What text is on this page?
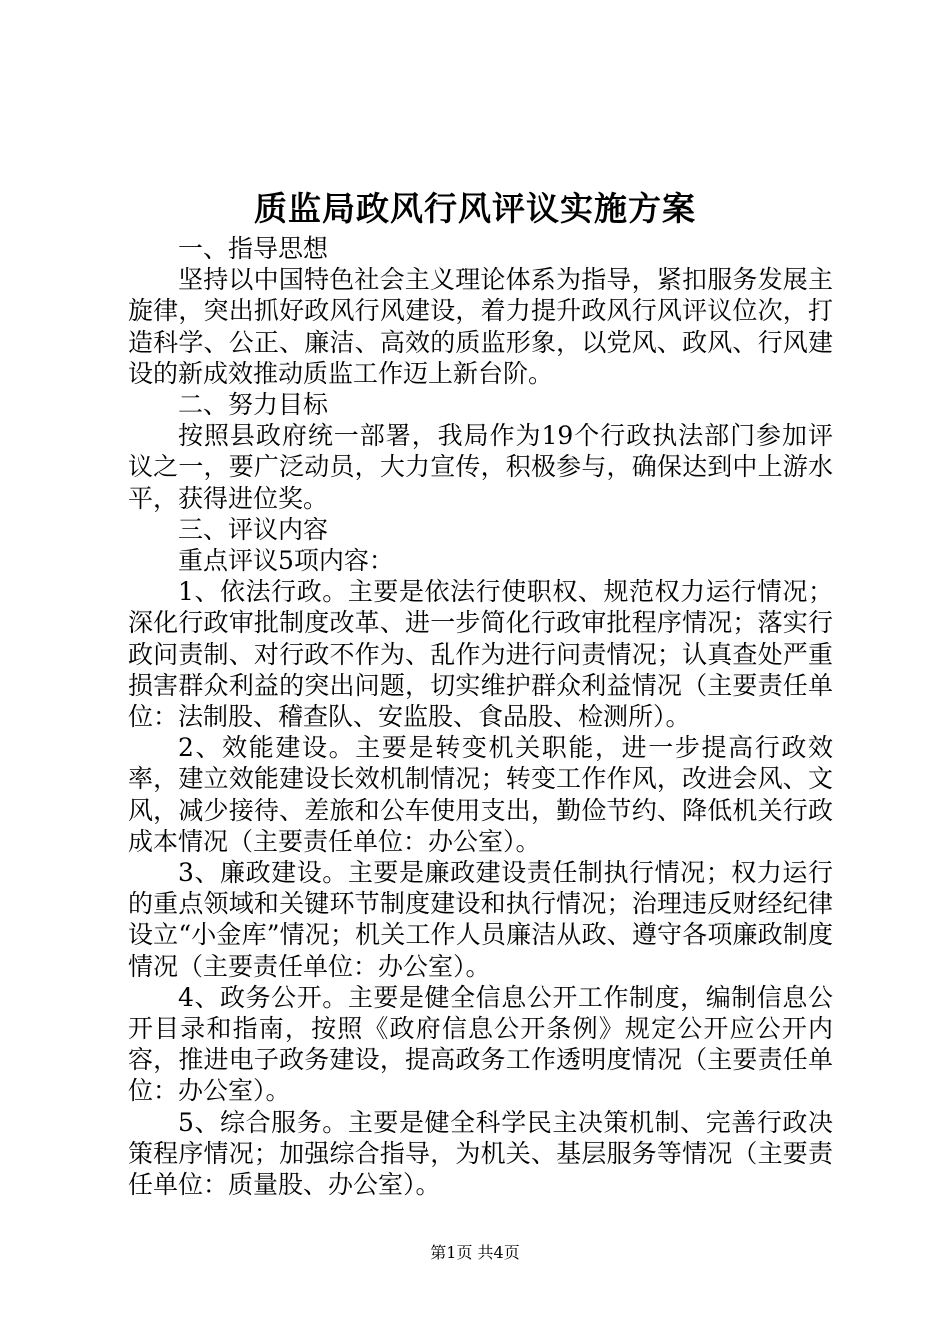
质监局政风行风评议实施方案

一、指导思想

坚持以中国特色社会主义理论体系为指导，紧扣服务发展主旋律，突出抓好政风行风建设，着力提升政风行风评议位次，打造科学、公正、廉洁、高效的质监形象，以党风、政风、行风建设的新成效推动质监工作迈上新台阶。

二、努力目标

按照县政府统一部署，我局作为19个行政执法部门参加评议之一，要广泛动员，大力宣传，积极参与，确保达到中上游水平，获得进位奖。

三、评议内容

重点评议5项内容：

1、依法行政。主要是依法行使职权、规范权力运行情况；深化行政审批制度改革、进一步简化行政审批程序情况；落实行政问责制、对行政不作为、乱作为进行问责情况；认真查处严重损害群众利益的突出问题，切实维护群众利益情况（主要责任单位：法制股、稽查队、安监股、食品股、检测所）。

2、效能建设。主要是转变机关职能，进一步提高行政效率，建立效能建设长效机制情况；转变工作作风，改进会风、文风，减少接待、差旅和公车使用支出，勤俭节约、降低机关行政成本情况（主要责任单位：办公室）。

3、廉政建设。主要是廉政建设责任制执行情况；权力运行的重点领域和关键环节制度建设和执行情况；治理违反财经纪律设立“小金库”情况；机关工作人员廉洁从政、遵守各项廉政制度情况（主要责任单位：办公室）。

4、政务公开。主要是健全信息公开工作制度，编制信息公开目录和指南，按照《政府信息公开条例》规定公开应公开内容，推进电子政务建设，提高政务工作透明度情况（主要责任单位：办公室）。

5、综合服务。主要是健全科学民主决策机制、完善行政决策程序情况；加强综合指导，为机关、基层服务等情况（主要责任单位：质量股、办公室）。

第1页 共4页
